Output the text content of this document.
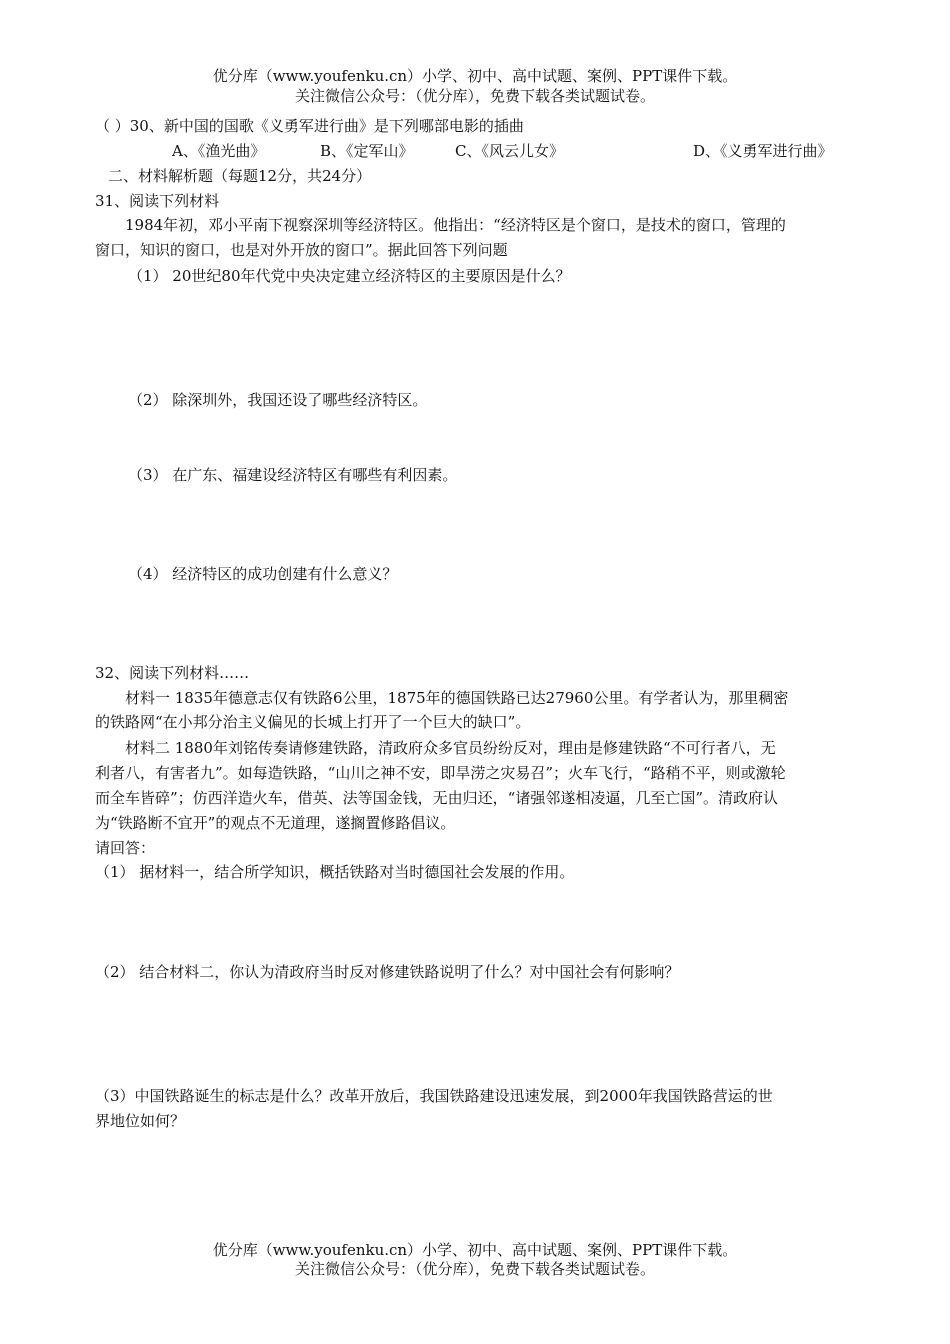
优分库（www.youfenku.cn）小学、初中、高中试题、案例、PPT课件下载。
关注微信公众号：（优分库），免费下载各类试题试卷。
（ ）30、新中国的国歌《义勇军进行曲》是下列哪部电影的插曲
A、《渔光曲》	B、《定军山》	C、《风云儿女》	D、《义勇军进行曲》
二、材料解析题（每题12分，共24分）
31、阅读下列材料
1984年初，邓小平南下视察深圳等经济特区。他指出：“经济特区是个窗口，是技术的窗口，管理的
窗口，知识的窗口，也是对外开放的窗口”。据此回答下列问题
（1） 20世纪80年代党中央决定建立经济特区的主要原因是什么？
（2） 除深圳外，我国还设了哪些经济特区。
（3） 在广东、福建设经济特区有哪些有利因素。
（4） 经济特区的成功创建有什么意义？
32、阅读下列材料……
材料一 1835年德意志仅有铁路6公里，1875年的德国铁路已达27960公里。有学者认为，那里稠密
的铁路网“在小邦分治主义偏见的长城上打开了一个巨大的缺口”。
材料二 1880年刘铭传奏请修建铁路，清政府众多官员纷纷反对，理由是修建铁路“不可行者八，无
利者八，有害者九”。如每造铁路，“山川之神不安，即旱涝之灾易召”；火车飞行，“路稍不平，则或激轮
而全车皆碎”；仿西洋造火车，借英、法等国金钱，无由归还，“诸强邻遂相凌逼，几至亡国”。清政府认
为“铁路断不宜开”的观点不无道理，遂搁置修路倡议。
请回答：
（1） 据材料一，结合所学知识，概括铁路对当时德国社会发展的作用。
（2） 结合材料二，你认为清政府当时反对修建铁路说明了什么？对中国社会有何影响？
（3）中国铁路诞生的标志是什么？改革开放后，我国铁路建设迅速发展，到2000年我国铁路营运的世
界地位如何？
优分库（www.youfenku.cn）小学、初中、高中试题、案例、PPT课件下载。
关注微信公众号：（优分库），免费下载各类试题试卷。
